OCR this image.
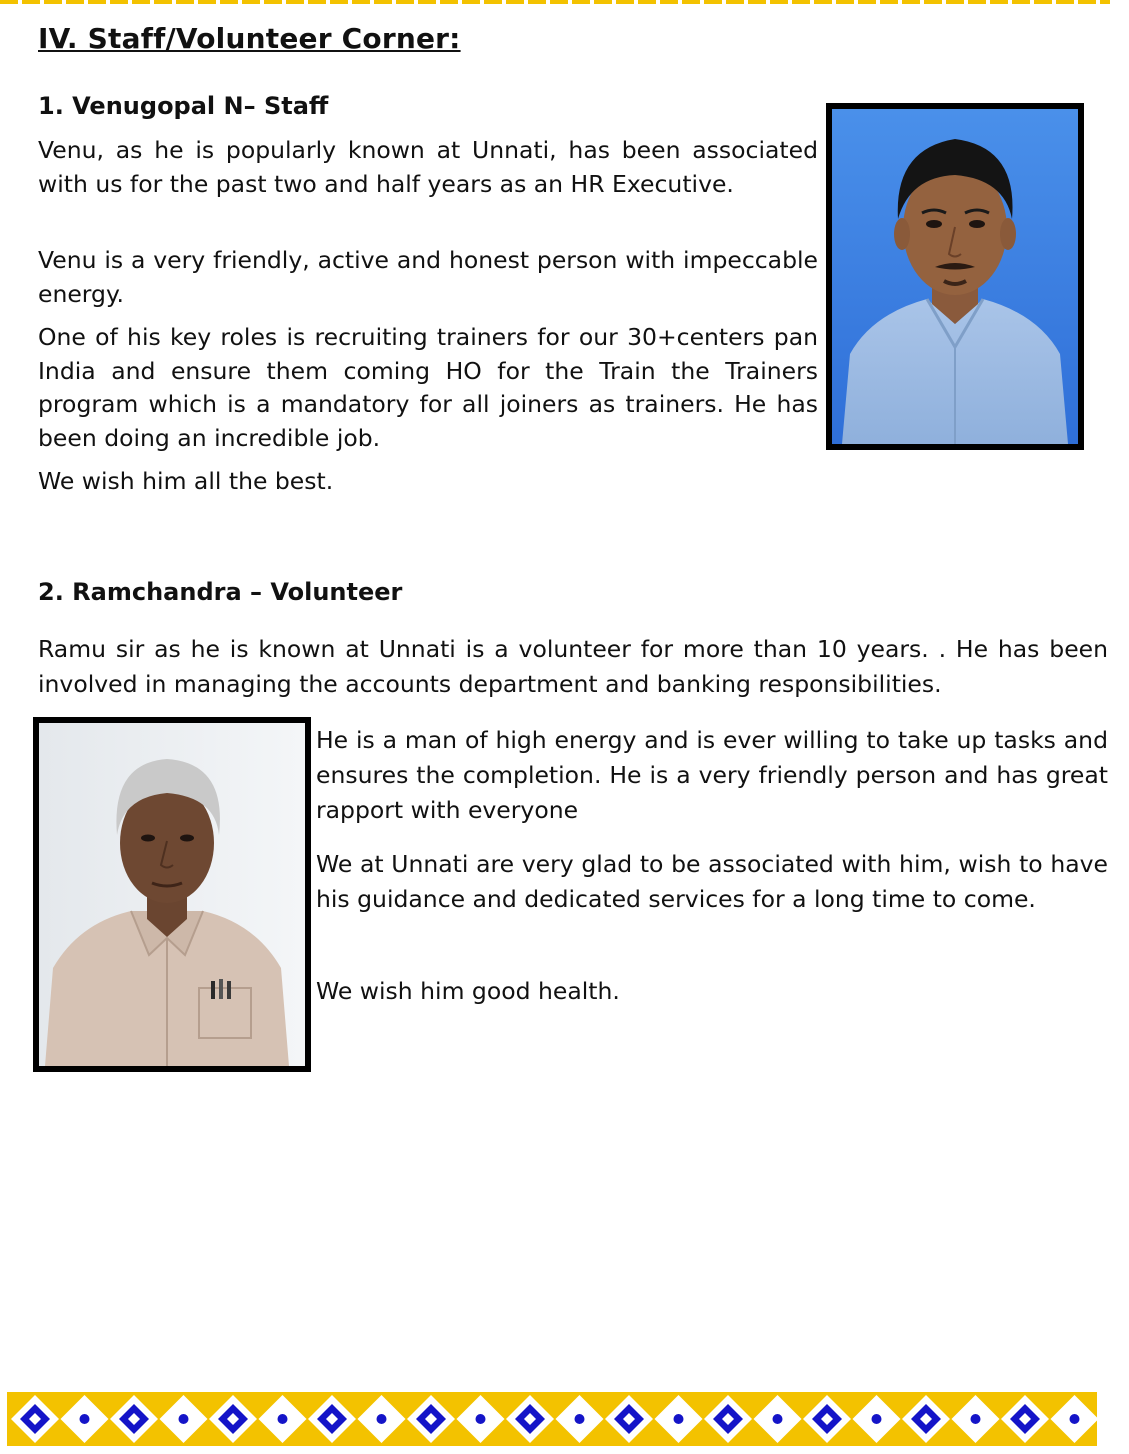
IV. Staff/Volunteer Corner:
1. Venugopal N– Staff

Venu, as he is popularly known at Unnati, has been associated with us for the past two and half years as an HR Executive.

Venu is a very friendly, active and honest person with impeccable energy.

One of his key roles is recruiting trainers for our 30+centers pan India and ensure them coming HO for the Train the Trainers program which is a mandatory for all joiners as trainers. He has been doing an incredible job.

We wish him all the best.

2. Ramchandra – Volunteer

Ramu sir as he is known at Unnati is a volunteer for more than 10 years. . He has been involved in managing the accounts department and banking responsibilities.

He is a man of high energy and is ever willing to take up tasks and ensures the completion. He is a very friendly person and has great rapport with everyone

We at Unnati are very glad to be associated with him, wish to have his guidance and dedicated services for a long time to come.

We wish him good health.
